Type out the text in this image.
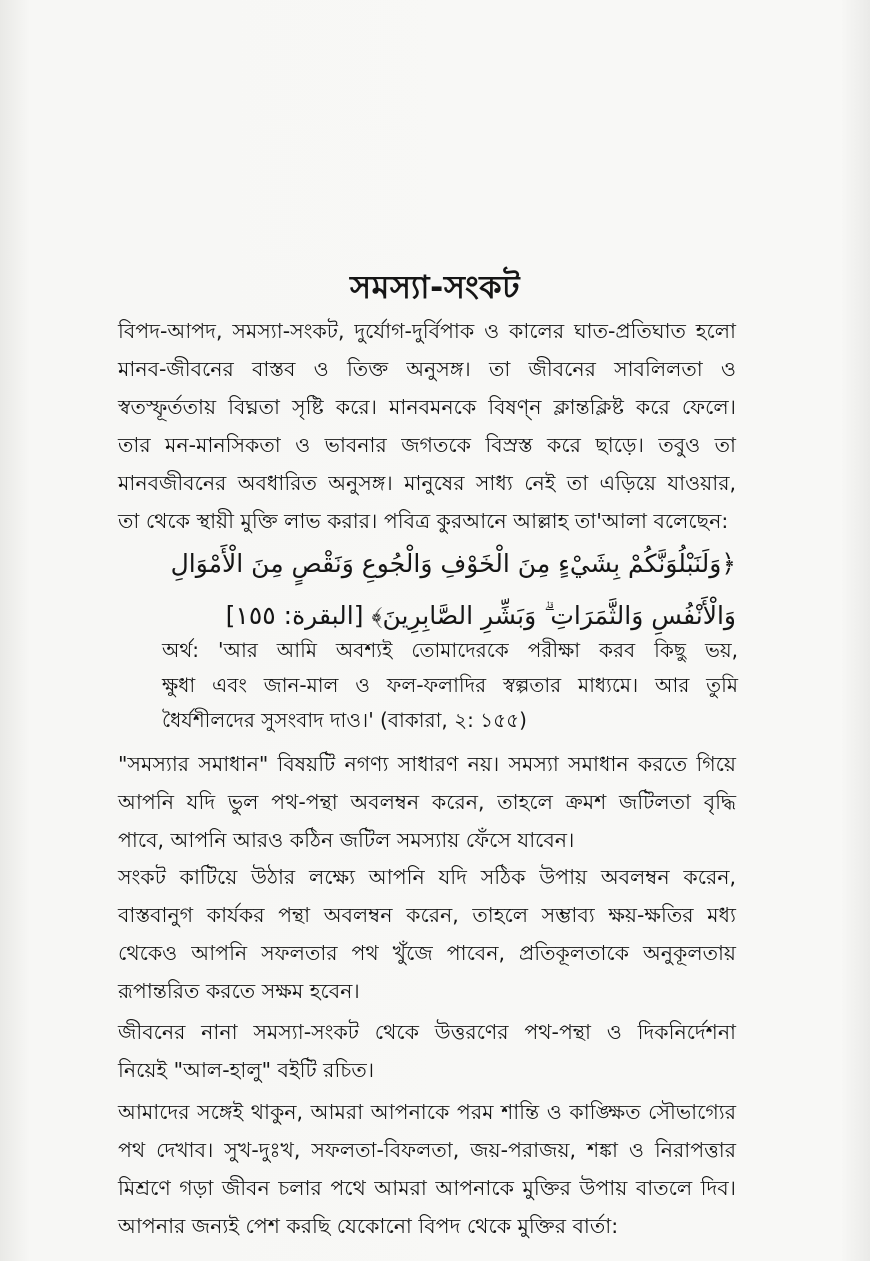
সমস্যা-সংকট
বিপদ-আপদ, সমস্যা-সংকট, দুর্যোগ-দুর্বিপাক ও কালের ঘাত-প্রতিঘাত হলো
মানব-জীবনের বাস্তব ও তিক্ত অনুসঙ্গ। তা জীবনের সাবলিলতা ও
স্বতস্ফূর্ততায় বিঘ্নতা সৃষ্টি করে। মানবমনকে বিষণ্ন ক্লান্তক্লিষ্ট করে ফেলে।
তার মন-মানসিকতা ও ভাবনার জগতকে বিস্রস্ত করে ছাড়ে। তবুও তা
মানবজীবনের অবধারিত অনুসঙ্গ। মানুষের সাধ্য নেই তা এড়িয়ে যাওয়ার,
তা থেকে স্থায়ী মুক্তি লাভ করার। পবিত্র কুরআনে আল্লাহ তা'আলা বলেছেন:
﴿وَلَنَبْلُوَنَّكُمْ بِشَيْءٍ مِنَ الْخَوْفِ وَالْجُوعِ وَنَقْصٍ مِنَ الْأَمْوَالِ
وَالْأَنْفُسِ وَالثَّمَرَاتِ ۗ وَبَشِّرِ الصَّابِرِينَ﴾ [البقرة: ١٥٥]
অর্থ: 'আর আমি অবশ্যই তোমাদেরকে পরীক্ষা করব কিছু ভয়,
ক্ষুধা এবং জান-মাল ও ফল-ফলাদির স্বল্পতার মাধ্যমে। আর তুমি
ধৈর্যশীলদের সুসংবাদ দাও।' (বাকারা, ২: ১৫৫)
"সমস্যার সমাধান" বিষয়টি নগণ্য সাধারণ নয়। সমস্যা সমাধান করতে গিয়ে
আপনি যদি ভুল পথ-পন্থা অবলম্বন করেন, তাহলে ক্রমশ জটিলতা বৃদ্ধি
পাবে, আপনি আরও কঠিন জটিল সমস্যায় ফেঁসে যাবেন।
সংকট কাটিয়ে উঠার লক্ষ্যে আপনি যদি সঠিক উপায় অবলম্বন করেন,
বাস্তবানুগ কার্যকর পন্থা অবলম্বন করেন, তাহলে সম্ভাব্য ক্ষয়-ক্ষতির মধ্য
থেকেও আপনি সফলতার পথ খুঁজে পাবেন, প্রতিকূলতাকে অনুকূলতায়
রূপান্তরিত করতে সক্ষম হবেন।
জীবনের নানা সমস্যা-সংকট থেকে উত্তরণের পথ-পন্থা ও দিকনির্দেশনা
নিয়েই "আল-হালু" বইটি রচিত।
আমাদের সঙ্গেই থাকুন, আমরা আপনাকে পরম শান্তি ও কাঙ্ক্ষিত সৌভাগ্যের
পথ দেখাব। সুখ-দুঃখ, সফলতা-বিফলতা, জয়-পরাজয়, শঙ্কা ও নিরাপত্তার
মিশ্রণে গড়া জীবন চলার পথে আমরা আপনাকে মুক্তির উপায় বাতলে দিব।
আপনার জন্যই পেশ করছি যেকোনো বিপদ থেকে মুক্তির বার্তা:
